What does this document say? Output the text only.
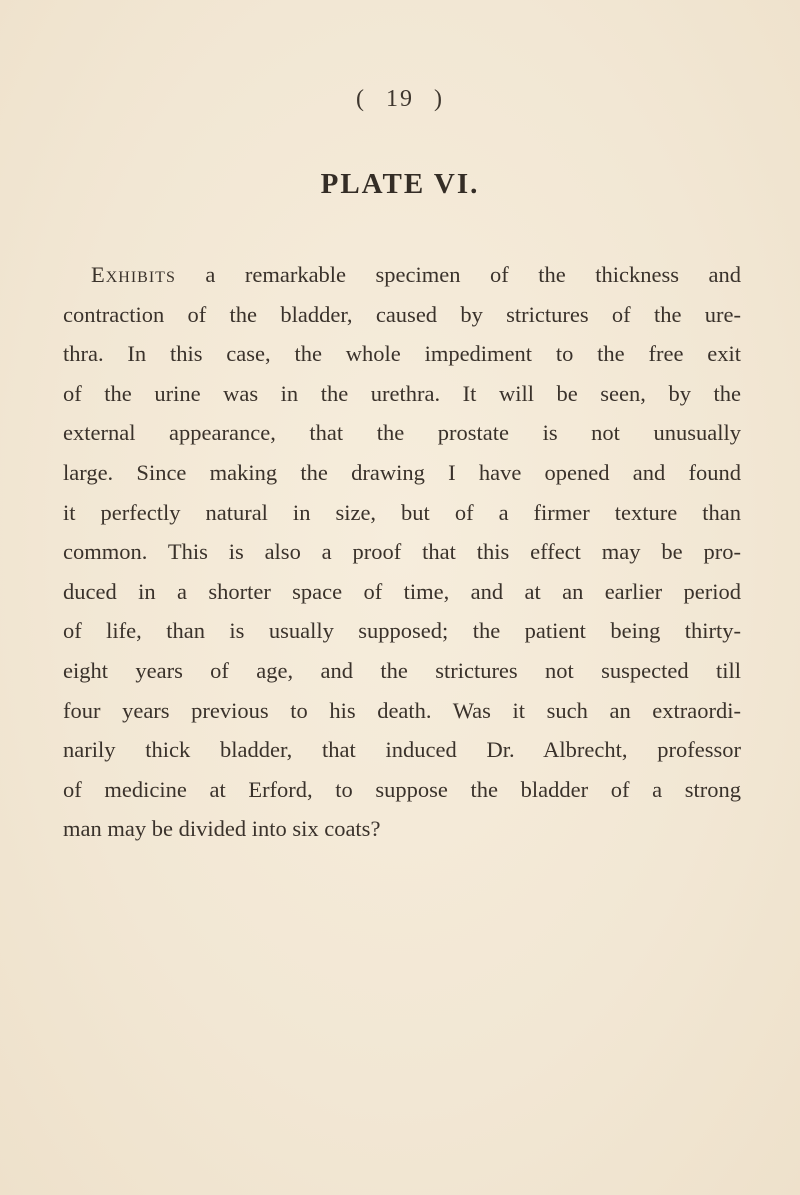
( 19 )
PLATE VI.
Exhibits a remarkable specimen of the thickness and
contraction of the bladder, caused by strictures of the ure-
thra. In this case, the whole impediment to the free exit
of the urine was in the urethra. It will be seen, by the
external appearance, that the prostate is not unusually
large. Since making the drawing I have opened and found
it perfectly natural in size, but of a firmer texture than
common. This is also a proof that this effect may be pro-
duced in a shorter space of time, and at an earlier period
of life, than is usually supposed; the patient being thirty-
eight years of age, and the strictures not suspected till
four years previous to his death. Was it such an extraordi-
narily thick bladder, that induced Dr. Albrecht, professor
of medicine at Erford, to suppose the bladder of a strong
man may be divided into six coats?
